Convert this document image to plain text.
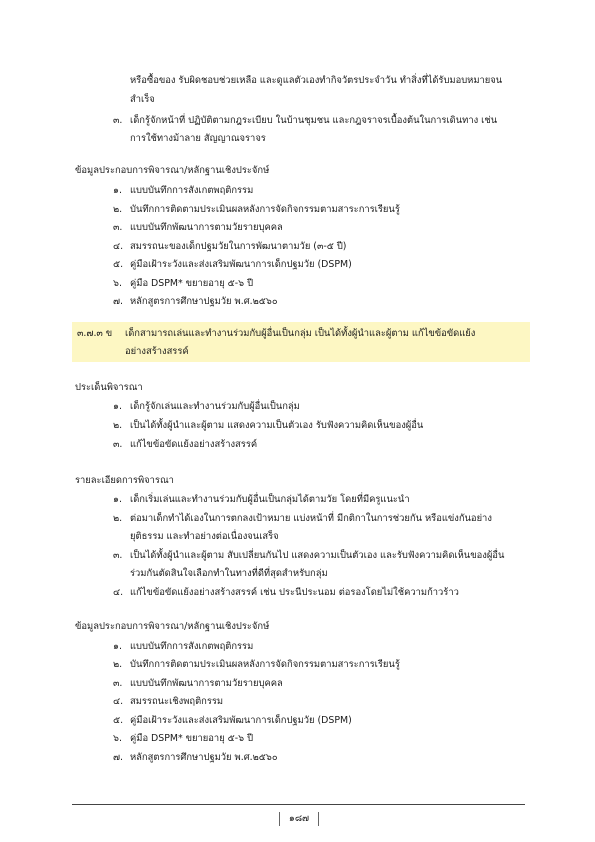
หรือซื้อของ รับผิดชอบช่วยเหลือ และดูแลตัวเองทำกิจวัตรประจำวัน ทำสิ่งที่ได้รับมอบหมายจน
สำเร็จ
๓. เด็กรู้จักหน้าที่ ปฏิบัติตามกฎระเบียบ ในบ้านชุมชน และกฎจราจรเบื้องต้นในการเดินทาง เช่น
การใช้ทางม้าลาย สัญญาณจราจร
ข้อมูลประกอบการพิจารณา/หลักฐานเชิงประจักษ์
๑. แบบบันทึกการสังเกตพฤติกรรม
๒. บันทึกการติดตามประเมินผลหลังการจัดกิจกรรมตามสาระการเรียนรู้
๓. แบบบันทึกพัฒนาการตามวัยรายบุคคล
๔. สมรรถนะของเด็กปฐมวัยในการพัฒนาตามวัย (๓-๕ ปี)
๕. คู่มือเฝ้าระวังและส่งเสริมพัฒนาการเด็กปฐมวัย (DSPM)
๖. คู่มือ DSPM* ขยายอายุ ๕-๖ ปี
๗. หลักสูตรการศึกษาปฐมวัย พ.ศ.๒๕๖๐
๓.๗.๓ ข เด็กสามารถเล่นและทำงานร่วมกับผู้อื่นเป็นกลุ่ม เป็นได้ทั้งผู้นำและผู้ตาม แก้ไขข้อขัดแย้ง
อย่างสร้างสรรค์
ประเด็นพิจารณา
๑. เด็กรู้จักเล่นและทำงานร่วมกับผู้อื่นเป็นกลุ่ม
๒. เป็นได้ทั้งผู้นำและผู้ตาม แสดงความเป็นตัวเอง รับฟังความคิดเห็นของผู้อื่น
๓. แก้ไขข้อขัดแย้งอย่างสร้างสรรค์
รายละเอียดการพิจารณา
๑. เด็กเริ่มเล่นและทำงานร่วมกับผู้อื่นเป็นกลุ่มได้ตามวัย โดยที่มีครูแนะนำ
๒. ต่อมาเด็กทำได้เองในการตกลงเป้าหมาย แบ่งหน้าที่ มีกติกาในการช่วยกัน หรือแข่งกันอย่าง
ยุติธรรม และทำอย่างต่อเนื่องจนเสร็จ
๓. เป็นได้ทั้งผู้นำและผู้ตาม สับเปลี่ยนกันไป แสดงความเป็นตัวเอง และรับฟังความคิดเห็นของผู้อื่น
ร่วมกันตัดสินใจเลือกทำในทางที่ดีที่สุดสำหรับกลุ่ม
๔. แก้ไขข้อขัดแย้งอย่างสร้างสรรค์ เช่น ประนีประนอม ต่อรองโดยไม่ใช้ความก้าวร้าว
ข้อมูลประกอบการพิจารณา/หลักฐานเชิงประจักษ์
๑. แบบบันทึกการสังเกตพฤติกรรม
๒. บันทึกการติดตามประเมินผลหลังการจัดกิจกรรมตามสาระการเรียนรู้
๓. แบบบันทึกพัฒนาการตามวัยรายบุคคล
๔. สมรรถนะเชิงพฤติกรรม
๕. คู่มือเฝ้าระวังและส่งเสริมพัฒนาการเด็กปฐมวัย (DSPM)
๖. คู่มือ DSPM* ขยายอายุ ๕-๖ ปี
๗. หลักสูตรการศึกษาปฐมวัย พ.ศ.๒๕๖๐
๑๘๗
